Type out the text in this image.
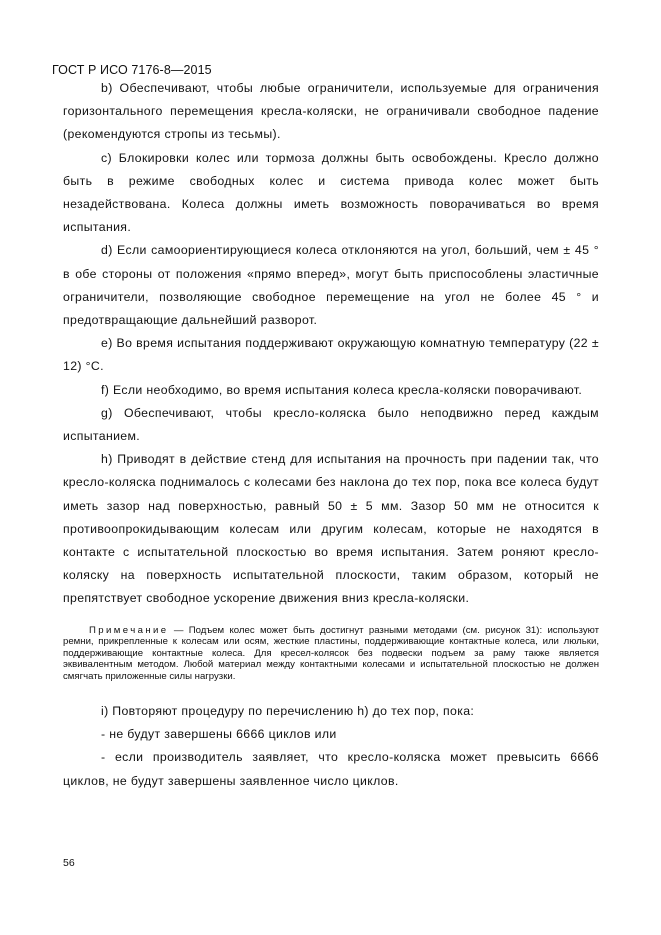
ГОСТ Р ИСО 7176-8—2015

b) Обеспечивают, чтобы любые ограничители, используемые для ограничения горизонтального перемещения кресла-коляски, не ограничивали свободное падение (рекомендуются стропы из тесьмы).

c) Блокировки колес или тормоза должны быть освобождены. Кресло должно быть в режиме свободных колес и система привода колес может быть незадействована. Колеса должны иметь возможность поворачиваться во время испытания.

d) Если самоориентирующиеся колеса отклоняются на угол, больший, чем ± 45 ° в обе стороны от положения «прямо вперед», могут быть приспособлены эластичные ограничители, позволяющие свободное перемещение на угол не более 45 ° и предотвращающие дальнейший разворот.

e) Во время испытания поддерживают окружающую комнатную температуру (22 ± 12) °С.

f) Если необходимо, во время испытания колеса кресла-коляски поворачивают.

g) Обеспечивают, чтобы кресло-коляска было неподвижно перед каждым испытанием.

h) Приводят в действие стенд для испытания на прочность при падении так, что кресло-коляска поднималось с колесами без наклона до тех пор, пока все колеса будут иметь зазор над поверхностью, равный 50 ± 5 мм. Зазор 50 мм не относится к противоопрокидывающим колесам или другим колесам, которые не находятся в контакте с испытательной плоскостью во время испытания. Затем роняют кресло-коляску на поверхность испытательной плоскости, таким образом, который не препятствует свободное ускорение движения вниз кресла-коляски.

Примечание — Подъем колес может быть достигнут разными методами (см. рисунок 31): используют ремни, прикрепленные к колесам или осям, жесткие пластины, поддерживающие контактные колеса, или люльки, поддерживающие контактные колеса. Для кресел-колясок без подвески подъем за раму также является эквивалентным методом. Любой материал между контактными колесами и испытательной плоскостью не должен смягчать приложенные силы нагрузки.

i) Повторяют процедуру по перечислению h) до тех пор, пока:

- не будут завершены 6666 циклов или

- если производитель заявляет, что кресло-коляска может превысить 6666 циклов, не будут завершены заявленное число циклов.

56
